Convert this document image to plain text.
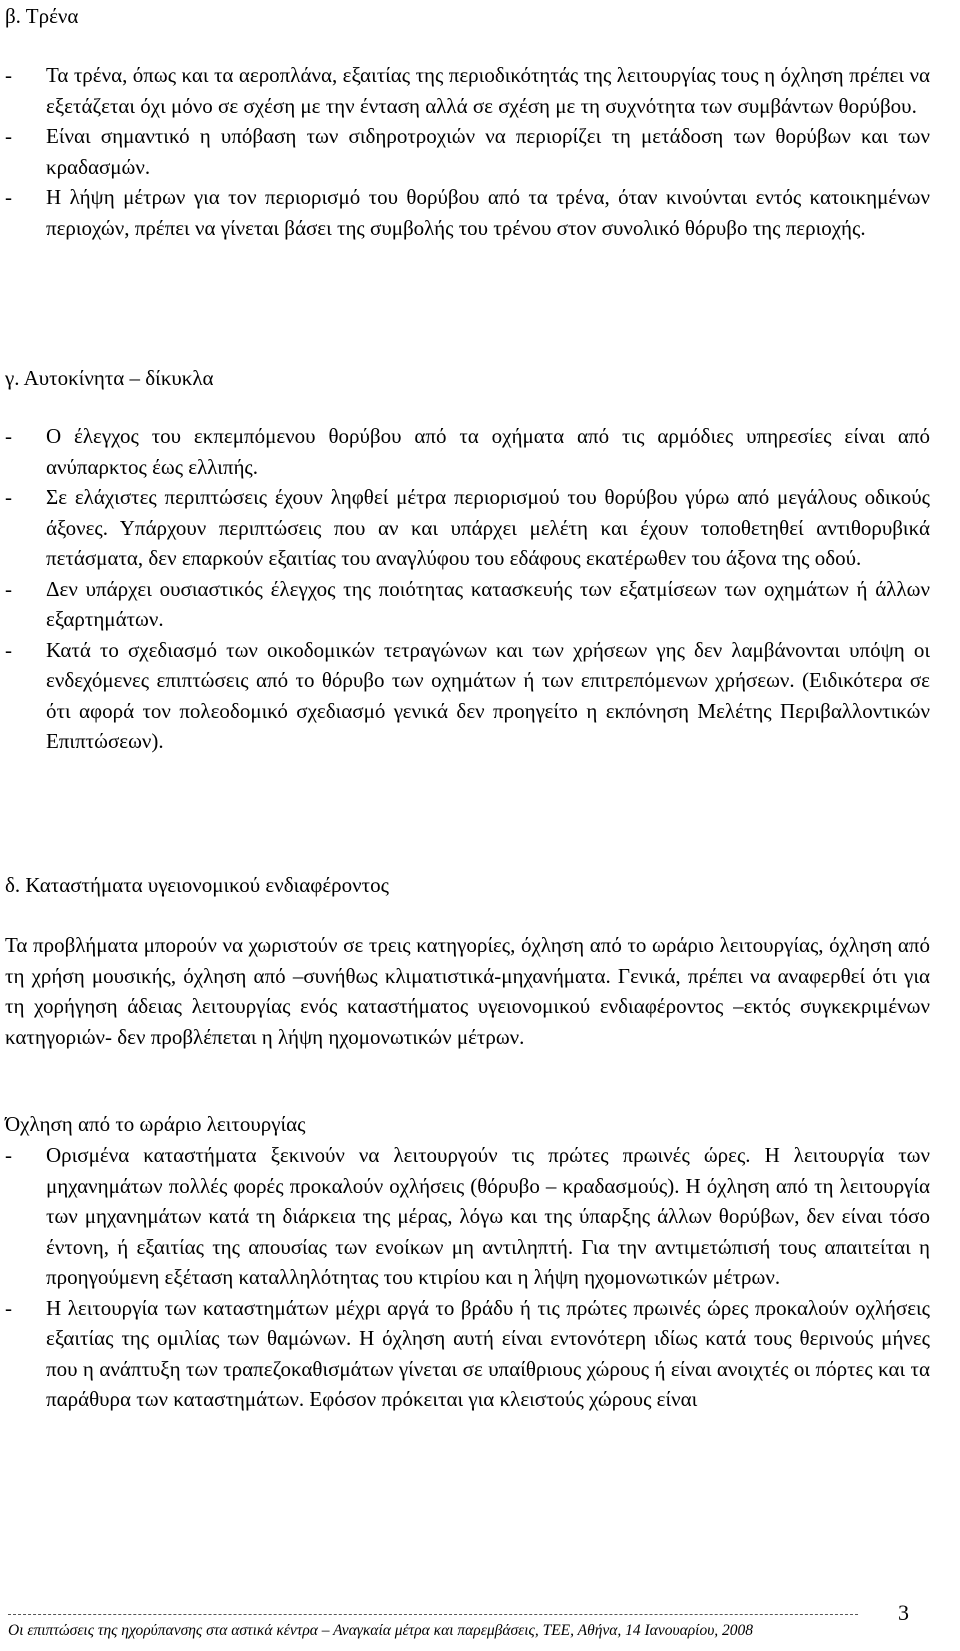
β. Τρένα
- Τα τρένα, όπως και τα αεροπλάνα, εξαιτίας της περιοδικότητάς της λειτουργίας τους η όχληση πρέπει να εξετάζεται όχι μόνο σε σχέση με την ένταση αλλά σε σχέση με τη συχνότητα των συμβάντων θορύβου.
- Είναι σημαντικό η υπόβαση των σιδηροτροχιών να περιορίζει τη μετάδοση των θορύβων και των κραδασμών.
- Η λήψη μέτρων για τον περιορισμό του θορύβου από τα τρένα, όταν κινούνται εντός κατοικημένων περιοχών, πρέπει να γίνεται βάσει της συμβολής του τρένου στον συνολικό θόρυβο της περιοχής.
γ. Αυτοκίνητα – δίκυκλα
- Ο έλεγχος του εκπεμπόμενου θορύβου από τα οχήματα από τις αρμόδιες υπηρεσίες είναι από ανύπαρκτος έως ελλιπής.
- Σε ελάχιστες περιπτώσεις έχουν ληφθεί μέτρα περιορισμού του θορύβου γύρω από μεγάλους οδικούς άξονες. Υπάρχουν περιπτώσεις που αν και υπάρχει μελέτη και έχουν τοποθετηθεί αντιθορυβικά πετάσματα, δεν επαρκούν εξαιτίας του αναγλύφου του εδάφους εκατέρωθεν του άξονα της οδού.
- Δεν υπάρχει ουσιαστικός έλεγχος της ποιότητας κατασκευής των εξατμίσεων των οχημάτων ή άλλων εξαρτημάτων.
- Κατά το σχεδιασμό των οικοδομικών τετραγώνων και των χρήσεων γης δεν λαμβάνονται υπόψη οι ενδεχόμενες επιπτώσεις από το θόρυβο των οχημάτων ή των επιτρεπόμενων χρήσεων. (Ειδικότερα σε ότι αφορά τον πολεοδομικό σχεδιασμό γενικά δεν προηγείτο η εκπόνηση Μελέτης Περιβαλλοντικών Επιπτώσεων).
δ. Καταστήματα υγειονομικού ενδιαφέροντος

Τα προβλήματα μπορούν να χωριστούν σε τρεις κατηγορίες, όχληση από το ωράριο λειτουργίας, όχληση από τη χρήση μουσικής, όχληση από –συνήθως κλιματιστικά-μηχανήματα. Γενικά, πρέπει να αναφερθεί ότι για τη χορήγηση άδειας λειτουργίας ενός καταστήματος υγειονομικού ενδιαφέροντος –εκτός συγκεκριμένων κατηγοριών- δεν προβλέπεται η λήψη ηχομονωτικών μέτρων.

Όχληση από το ωράριο λειτουργίας
- Ορισμένα καταστήματα ξεκινούν να λειτουργούν τις πρώτες πρωινές ώρες. Η λειτουργία των μηχανημάτων πολλές φορές προκαλούν οχλήσεις (θόρυβο – κραδασμούς). Η όχληση από τη λειτουργία των μηχανημάτων κατά τη διάρκεια της μέρας, λόγω και της ύπαρξης άλλων θορύβων, δεν είναι τόσο έντονη, ή εξαιτίας της απουσίας των ενοίκων μη αντιληπτή. Για την αντιμετώπισή τους απαιτείται η προηγούμενη εξέταση καταλληλότητας του κτιρίου και η λήψη ηχομονωτικών μέτρων.
- Η λειτουργία των καταστημάτων μέχρι αργά το βράδυ ή τις πρώτες πρωινές ώρες προκαλούν οχλήσεις εξαιτίας της ομιλίας των θαμώνων. Η όχληση αυτή είναι εντονότερη ιδίως κατά τους θερινούς μήνες που η ανάπτυξη των τραπεζοκαθισμάτων γίνεται σε υπαίθριους χώρους ή είναι ανοιχτές οι πόρτες και τα παράθυρα των καταστημάτων. Εφόσον πρόκειται για κλειστούς χώρους είναι
Οι επιπτώσεις της ηχορύπανσης στα αστικά κέντρα – Αναγκαία μέτρα και παρεμβάσεις, ΤΕΕ, Αθήνα, 14 Ιανουαρίου, 2008
3
